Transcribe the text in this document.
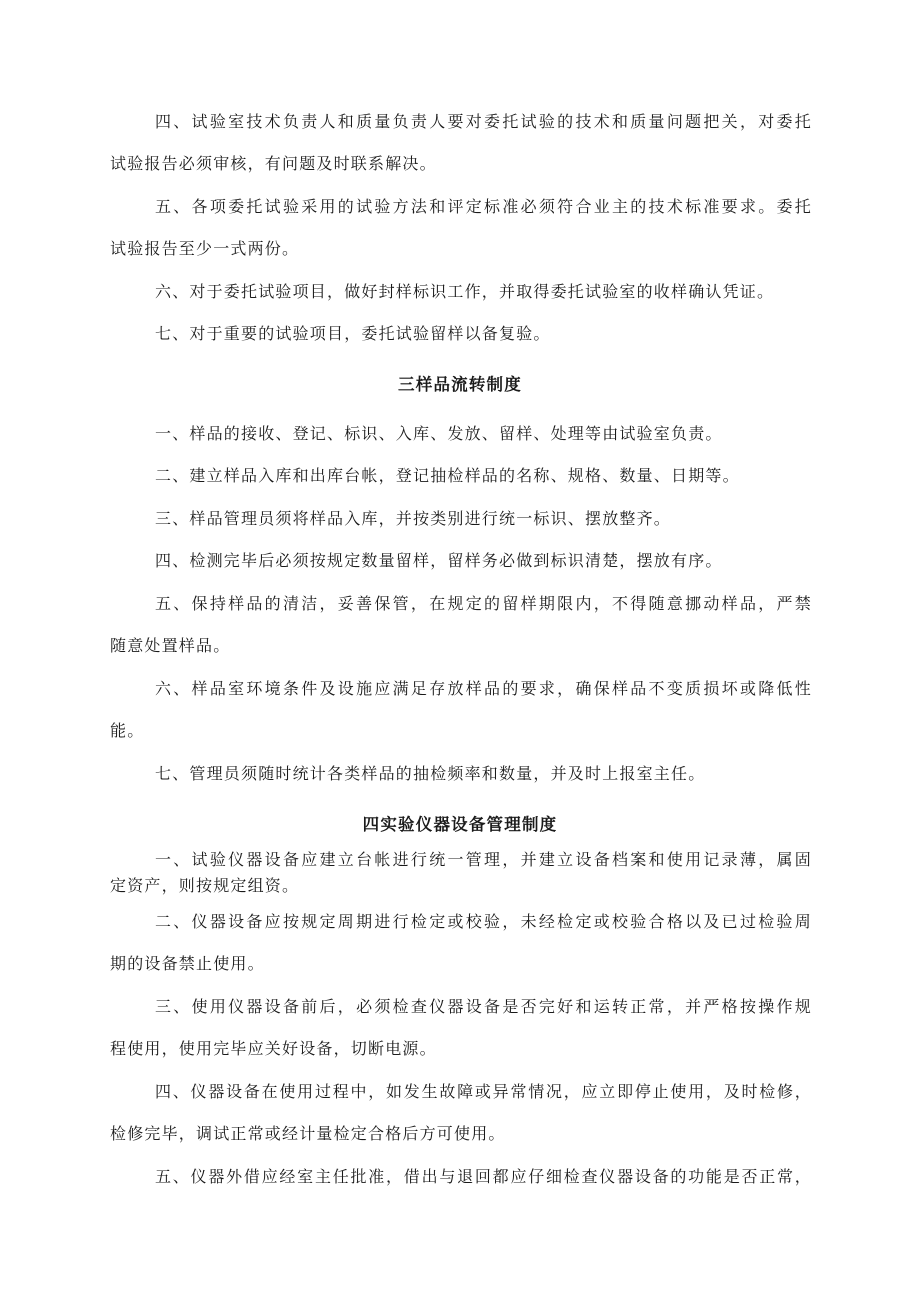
四、试验室技术负责人和质量负责人要对委托试验的技术和质量问题把关，对委托
试验报告必须审核，有问题及时联系解决。
五、各项委托试验采用的试验方法和评定标准必须符合业主的技术标准要求。委托
试验报告至少一式两份。
六、对于委托试验项目，做好封样标识工作，并取得委托试验室的收样确认凭证。
七、对于重要的试验项目，委托试验留样以备复验。
三样品流转制度
一、样品的接收、登记、标识、入库、发放、留样、处理等由试验室负责。
二、建立样品入库和出库台帐，登记抽检样品的名称、规格、数量、日期等。
三、样品管理员须将样品入库，并按类别进行统一标识、摆放整齐。
四、检测完毕后必须按规定数量留样，留样务必做到标识清楚，摆放有序。
五、保持样品的清洁，妥善保管，在规定的留样期限内，不得随意挪动样品，严禁
随意处置样品。
六、样品室环境条件及设施应满足存放样品的要求，确保样品不变质损坏或降低性
能。
七、管理员须随时统计各类样品的抽检频率和数量，并及时上报室主任。
四实验仪器设备管理制度
一、试验仪器设备应建立台帐进行统一管理，并建立设备档案和使用记录薄，属固
定资产，则按规定组资。
二、仪器设备应按规定周期进行检定或校验，未经检定或校验合格以及已过检验周
期的设备禁止使用。
三、使用仪器设备前后，必须检查仪器设备是否完好和运转正常，并严格按操作规
程使用，使用完毕应关好设备，切断电源。
四、仪器设备在使用过程中，如发生故障或异常情况，应立即停止使用，及时检修，
检修完毕，调试正常或经计量检定合格后方可使用。
五、仪器外借应经室主任批准，借出与退回都应仔细检查仪器设备的功能是否正常，
